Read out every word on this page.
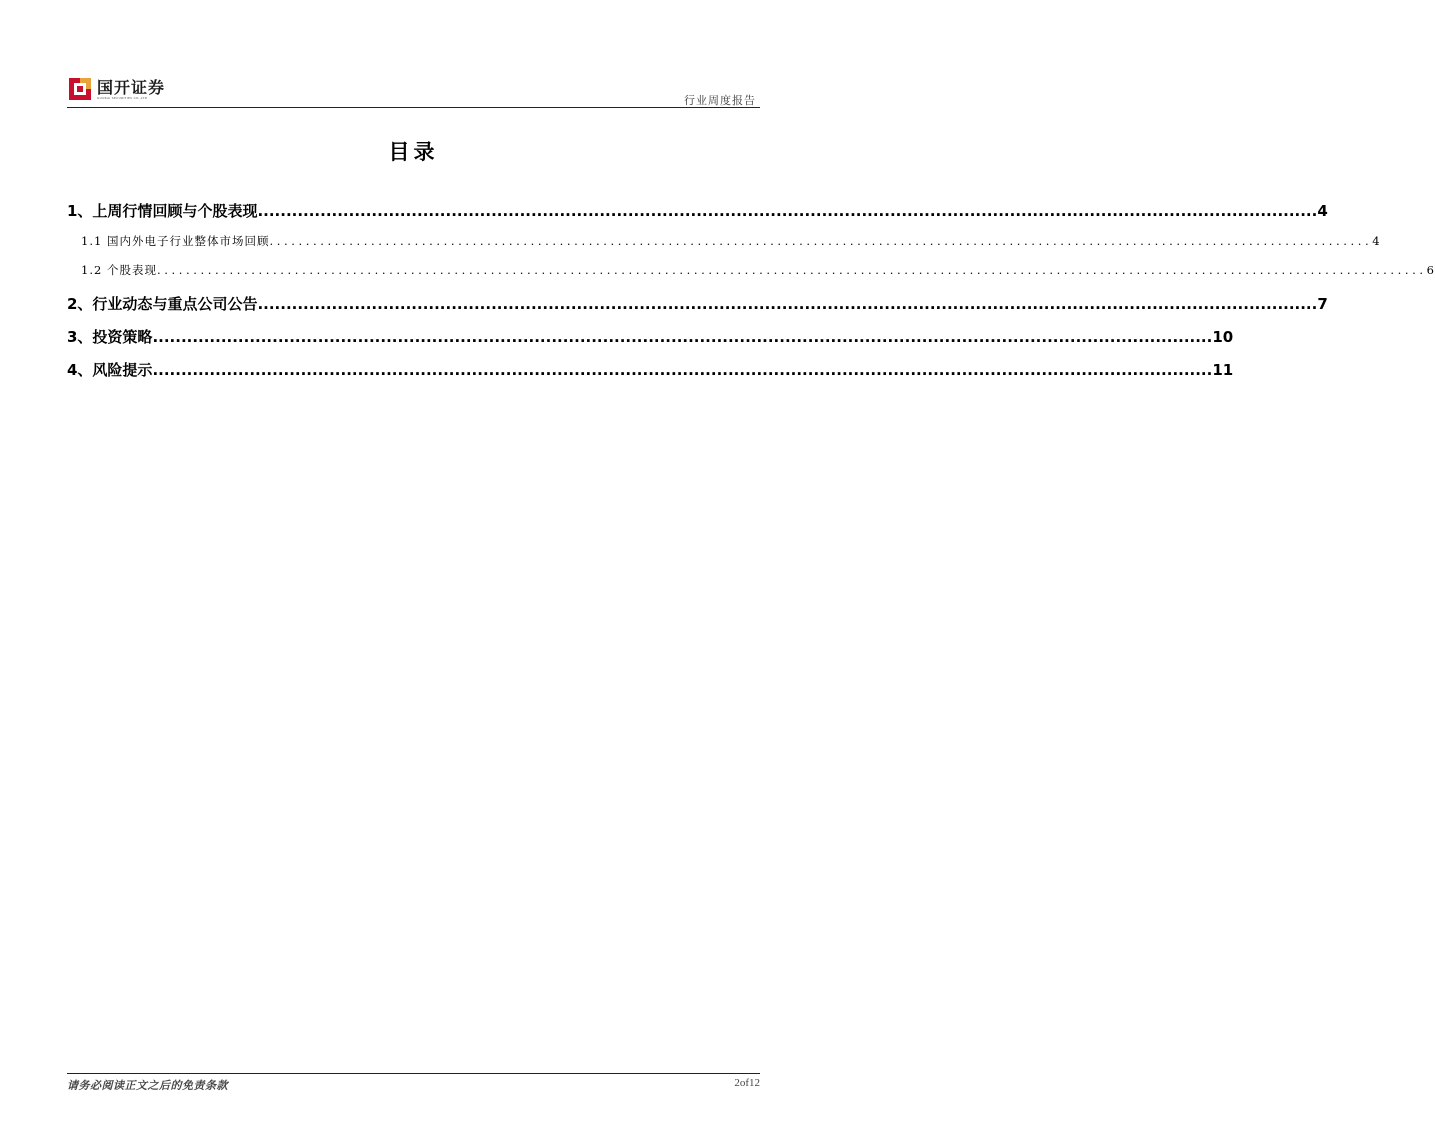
国开证券
GUOKAI SECURITIES CO.,LTD	行业周度报告
目录
1、上周行情回顾与个股表现 .......................................................................................................................................................................................... 4
1.1 国内外电子行业整体市场回顾 ........................................................................................................................................................ 4
1.2 个股表现 ............................................................................................................................................................................... 6
2、行业动态与重点公司公告 .......................................................................................................................................................................................... 7
3、投资策略 .......................................................................................................................................................................................... 10
4、风险提示 .......................................................................................................................................................................................... 11
请务必阅读正文之后的免责条款	2of12
